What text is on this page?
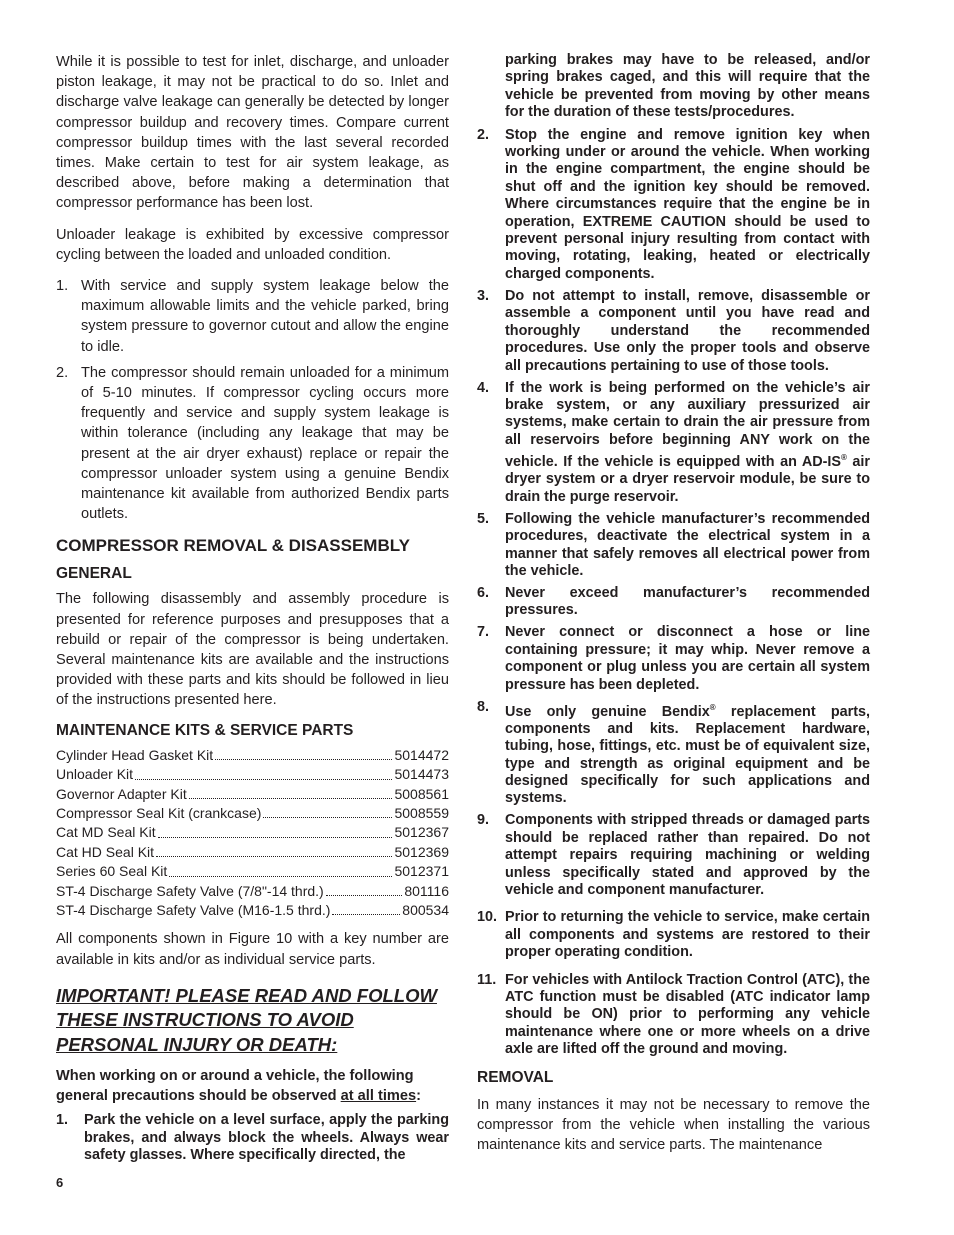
While it is possible to test for inlet, discharge, and unloader piston leakage, it may not be practical to do so. Inlet and discharge valve leakage can generally be detected by longer compressor buildup and recovery times. Compare current compressor buildup times with the last several recorded times. Make certain to test for air system leakage, as described above, before making a determination that compressor performance has been lost.

Unloader leakage is exhibited by excessive compressor cycling between the loaded and unloaded condition.

1. With service and supply system leakage below the maximum allowable limits and the vehicle parked, bring system pressure to governor cutout and allow the engine to idle.
2. The compressor should remain unloaded for a minimum of 5-10 minutes. If compressor cycling occurs more frequently and service and supply system leakage is within tolerance (including any leakage that may be present at the air dryer exhaust) replace or repair the compressor unloader system using a genuine Bendix maintenance kit available from authorized Bendix parts outlets.
COMPRESSOR REMOVAL & DISASSEMBLY
GENERAL

The following disassembly and assembly procedure is presented for reference purposes and presupposes that a rebuild or repair of the compressor is being undertaken. Several maintenance kits are available and the instructions provided with these parts and kits should be followed in lieu of the instructions presented here.

MAINTENANCE KITS & SERVICE PARTS
Cylinder Head Gasket Kit	5014472
Unloader Kit	5014473
Governor Adapter Kit	5008561
Compressor Seal Kit (crankcase)	5008559
Cat MD Seal Kit	5012367
Cat HD Seal Kit	5012369
Series 60 Seal Kit	5012371
ST-4 Discharge Safety Valve (7/8"-14 thrd.)	801116
ST-4 Discharge Safety Valve (M16-1.5 thrd.)	800534

All components shown in Figure 10 with a key number are available in kits and/or as individual service parts.

IMPORTANT! PLEASE READ AND FOLLOW THESE INSTRUCTIONS TO AVOID PERSONAL INJURY OR DEATH:

When working on or around a vehicle, the following general precautions should be observed at all times:

1. Park the vehicle on a level surface, apply the parking brakes, and always block the wheels. Always wear safety glasses. Where specifically directed, the

parking brakes may have to be released, and/or spring brakes caged, and this will require that the vehicle be prevented from moving by other means for the duration of these tests/procedures.

2. Stop the engine and remove ignition key when working under or around the vehicle. When working in the engine compartment, the engine should be shut off and the ignition key should be removed. Where circumstances require that the engine be in operation, EXTREME CAUTION should be used to prevent personal injury resulting from contact with moving, rotating, leaking, heated or electrically charged components.
3. Do not attempt to install, remove, disassemble or assemble a component until you have read and thoroughly understand the recommended procedures. Use only the proper tools and observe all precautions pertaining to use of those tools.
4. If the work is being performed on the vehicle’s air brake system, or any auxiliary pressurized air systems, make certain to drain the air pressure from all reservoirs before beginning ANY work on the vehicle. If the vehicle is equipped with an AD-IS® air dryer system or a dryer reservoir module, be sure to drain the purge reservoir.
5. Following the vehicle manufacturer’s recommended procedures, deactivate the electrical system in a manner that safely removes all electrical power from the vehicle.
6. Never exceed manufacturer’s recommended pressures.
7. Never connect or disconnect a hose or line containing pressure; it may whip. Never remove a component or plug unless you are certain all system pressure has been depleted.
8. Use only genuine Bendix® replacement parts, components and kits. Replacement hardware, tubing, hose, fittings, etc. must be of equivalent size, type and strength as original equipment and be designed specifically for such applications and systems.
9. Components with stripped threads or damaged parts should be replaced rather than repaired. Do not attempt repairs requiring machining or welding unless specifically stated and approved by the vehicle and component manufacturer.
10. Prior to returning the vehicle to service, make certain all components and systems are restored to their proper operating condition.
11. For vehicles with Antilock Traction Control (ATC), the ATC function must be disabled (ATC indicator lamp should be ON) prior to performing any vehicle maintenance where one or more wheels on a drive axle are lifted off the ground and moving.

REMOVAL

In many instances it may not be necessary to remove the compressor from the vehicle when installing the various maintenance kits and service parts. The maintenance

6
